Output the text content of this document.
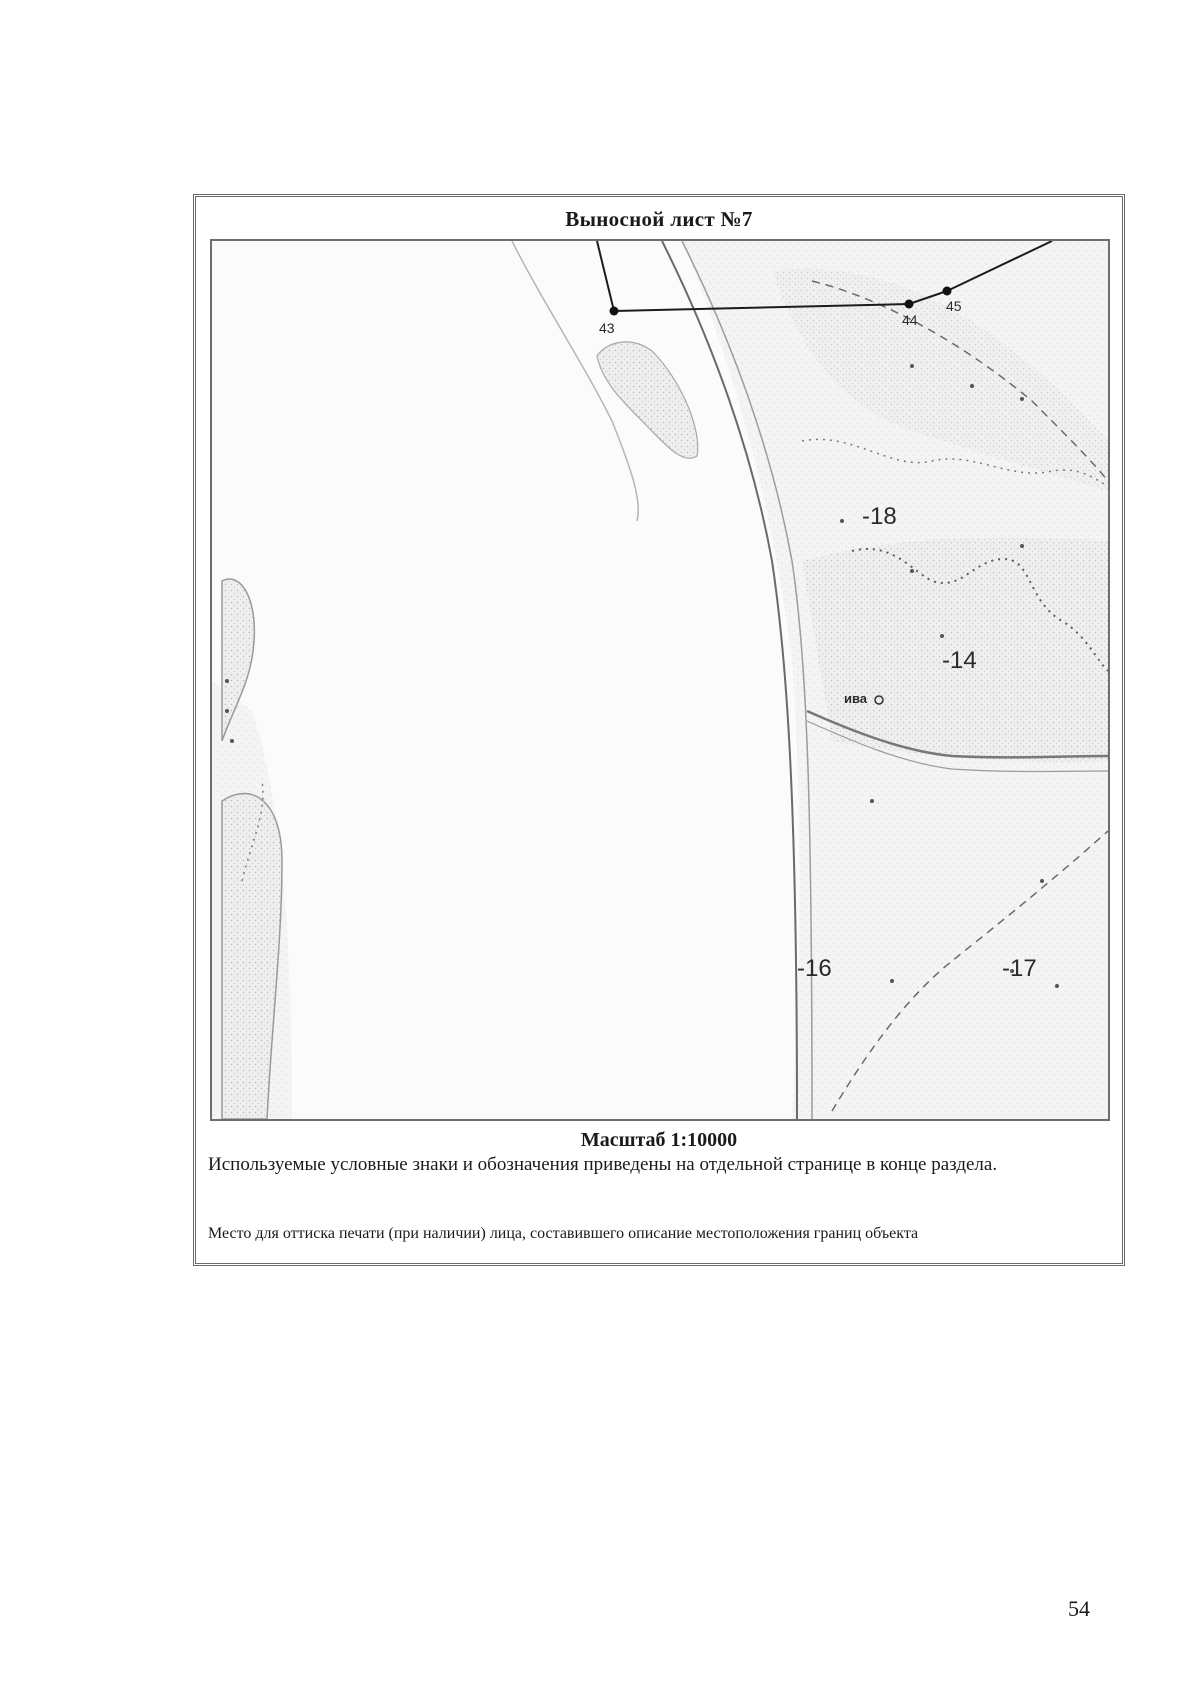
Выносной лист №7
43	44
45
-18
-14
-16	-17
ива
Масштаб 1:10000
Используемые условные знаки и обозначения приведены на отдельной странице в конце раздела.
Место для оттиска печати (при наличии) лица, составившего описание местоположения границ объекта
54
